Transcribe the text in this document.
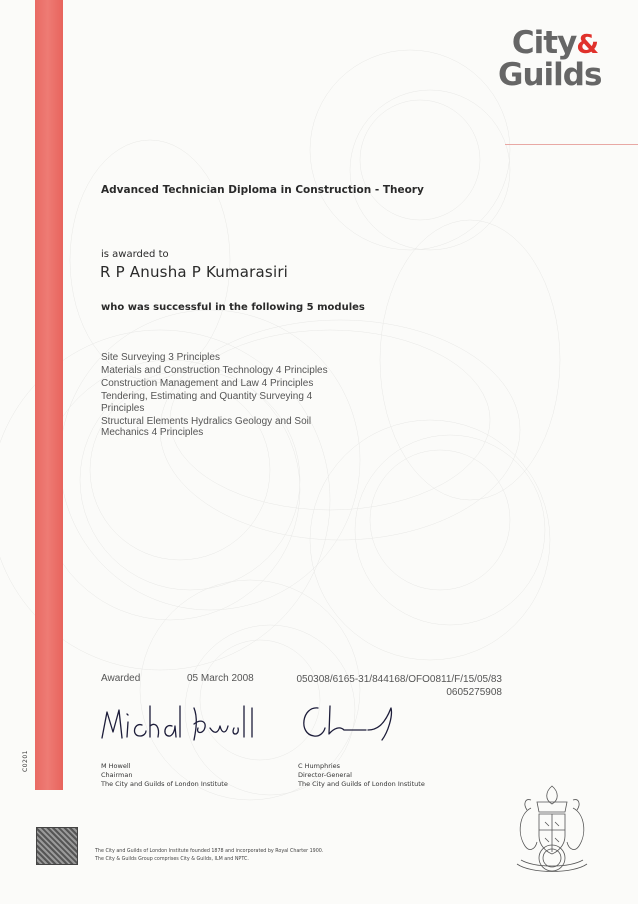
C0201
City&
Guilds
Advanced Technician Diploma in Construction - Theory
is awarded to
R P Anusha P Kumarasiri
who was successful in the following 5 modules
Site Surveying 3 Principles
Materials and Construction Technology 4 Principles
Construction Management and Law 4 Principles
Tendering, Estimating and Quantity Surveying 4 Principles
Structural Elements Hydralics Geology and Soil Mechanics 4 Principles
Awarded	05 March 2008	050308/6165-31/844168/OFO0811/F/15/05/83
0605275908
M Howell
Chairman
The City and Guilds of London Institute
C Humphries
Director-General
The City and Guilds of London Institute
The City and Guilds of London Institute founded 1878 and incorporated by Royal Charter 1900.
The City & Guilds Group comprises City & Guilds, ILM and NPTC.
